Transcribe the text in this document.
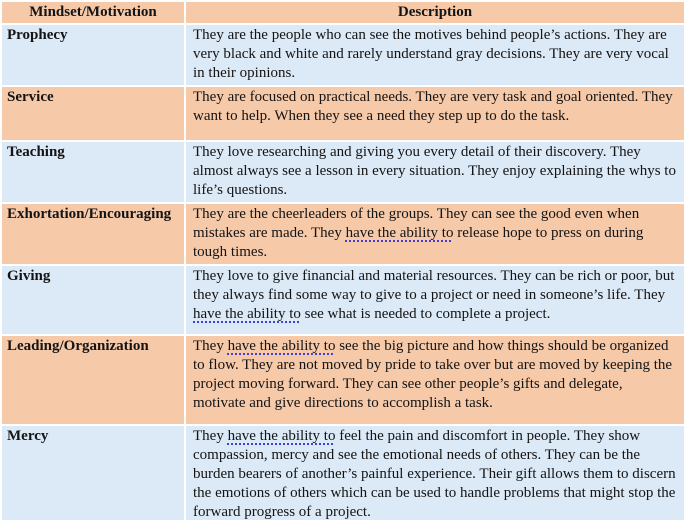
Mindset/Motivation	Description
Prophecy	They are the people who can see the motives behind people’s actions. They are very black and white and rarely understand gray decisions. They are very vocal in their opinions.
Service	They are focused on practical needs. They are very task and goal oriented. They want to help. When they see a need they step up to do the task.
Teaching	They love researching and giving you every detail of their discovery. They almost always see a lesson in every situation. They enjoy explaining the whys to life’s questions.
Exhortation/Encouraging	They are the cheerleaders of the groups. They can see the good even when mistakes are made. They have the ability to release hope to press on during tough times.
Giving	They love to give financial and material resources. They can be rich or poor, but they always find some way to give to a project or need in someone’s life. They have the ability to see what is needed to complete a project.
Leading/Organization	They have the ability to see the big picture and how things should be organized to flow. They are not moved by pride to take over but are moved by keeping the project moving forward. They can see other people’s gifts and delegate, motivate and give directions to accomplish a task.
Mercy	They have the ability to feel the pain and discomfort in people. They show compassion, mercy and see the emotional needs of others. They can be the burden bearers of another’s painful experience. Their gift allows them to discern the emotions of others which can be used to handle problems that might stop the forward progress of a project.
